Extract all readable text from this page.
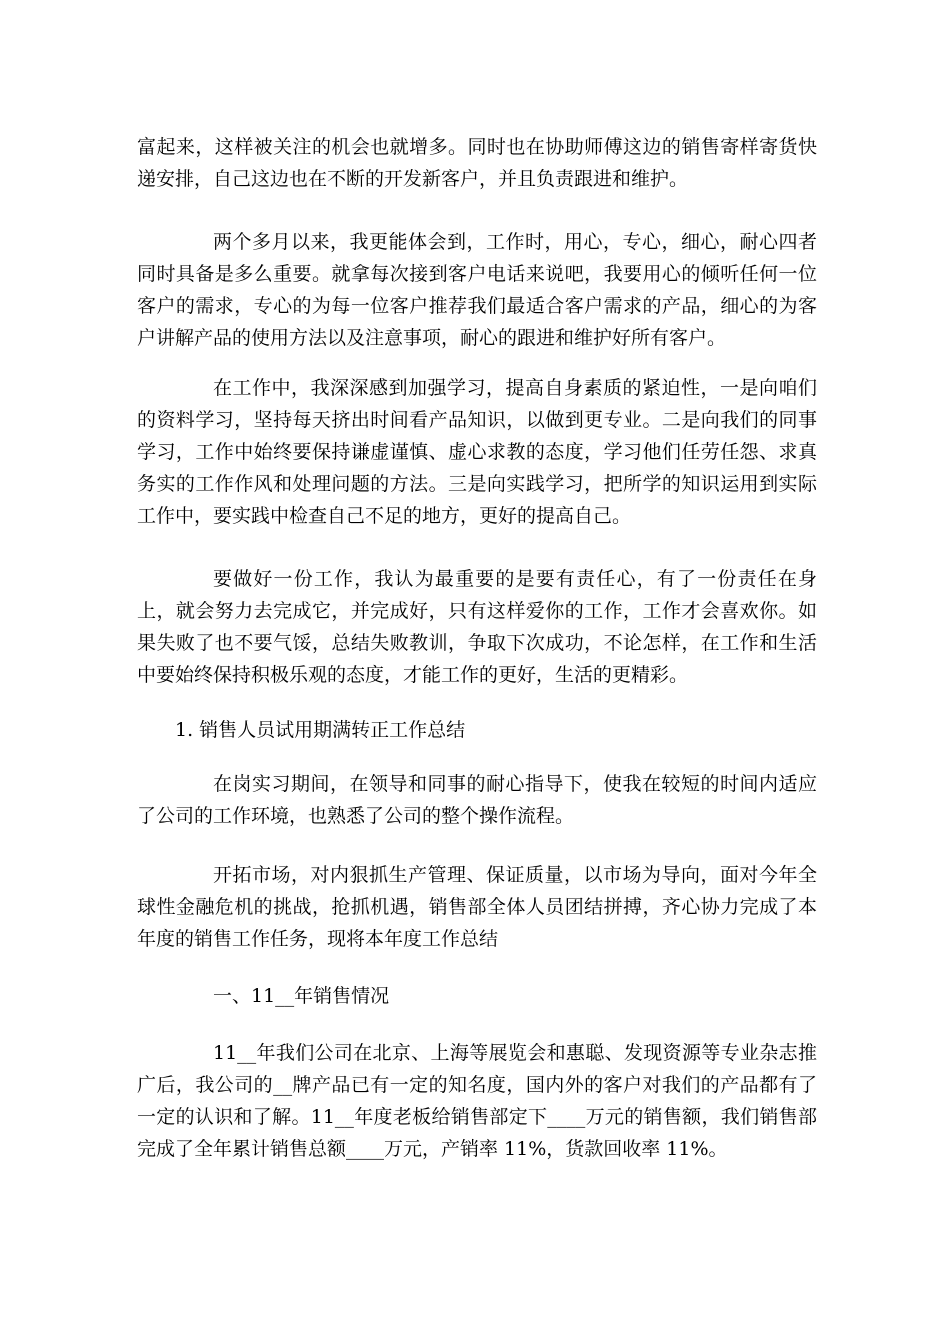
富起来，这样被关注的机会也就增多。同时也在协助师傅这边的销售寄样寄货快递安排，自己这边也在不断的开发新客户，并且负责跟进和维护。

两个多月以来，我更能体会到，工作时，用心，专心，细心，耐心四者同时具备是多么重要。就拿每次接到客户电话来说吧，我要用心的倾听任何一位客户的需求，专心的为每一位客户推荐我们最适合客户需求的产品，细心的为客户讲解产品的使用方法以及注意事项，耐心的跟进和维护好所有客户。

在工作中，我深深感到加强学习，提高自身素质的紧迫性，一是向咱们的资料学习，坚持每天挤出时间看产品知识，以做到更专业。二是向我们的同事学习，工作中始终要保持谦虚谨慎、虚心求教的态度，学习他们任劳任怨、求真务实的工作作风和处理问题的方法。三是向实践学习，把所学的知识运用到实际工作中，要实践中检查自己不足的地方，更好的提高自己。

要做好一份工作，我认为最重要的是要有责任心，有了一份责任在身上，就会努力去完成它，并完成好，只有这样爱你的工作，工作才会喜欢你。如果失败了也不要气馁，总结失败教训，争取下次成功，不论怎样，在工作和生活中要始终保持积极乐观的态度，才能工作的更好，生活的更精彩。

1. 销售人员试用期满转正工作总结

在岗实习期间，在领导和同事的耐心指导下，使我在较短的时间内适应了公司的工作环境，也熟悉了公司的整个操作流程。

开拓市场，对内狠抓生产管理、保证质量，以市场为导向，面对今年全球性金融危机的挑战，抢抓机遇，销售部全体人员团结拼搏，齐心协力完成了本年度的销售工作任务，现将本年度工作总结

一、11__年销售情况

11__年我们公司在北京、上海等展览会和惠聪、发现资源等专业杂志推广后，我公司的__牌产品已有一定的知名度，国内外的客户对我们的产品都有了一定的认识和了解。11__年度老板给销售部定下____万元的销售额，我们销售部完成了全年累计销售总额____万元，产销率 11%，货款回收率 11%。
